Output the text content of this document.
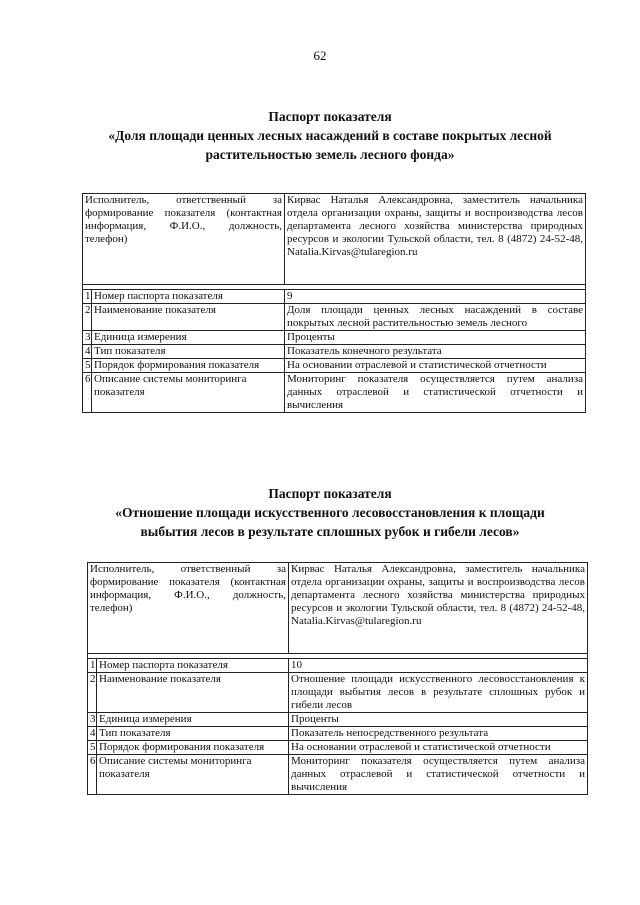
62
Паспорт показателя
«Доля площади ценных лесных насаждений в составе покрытых лесной
растительностью земель лесного фонда»
Исполнитель, ответственный за формирование показателя (контактная информация, Ф.И.О., должность, телефон)		Кирвас Наталья Александровна, заместитель начальника отдела организации охраны, защиты и воспроизводства лесов департамента лесного хозяйства министерства природных ресурсов и экологии Тульской области, тел. 8 (4872) 24-52-48, Natalia.Kirvas@tularegion.ru

1	Номер паспорта показателя	9
2	Наименование показателя	Доля площади ценных лесных насаждений в составе покрытых лесной растительностью земель лесного
3	Единица измерения	Проценты
4	Тип показателя	Показатель конечного результата
5	Порядок формирования показателя	На основании отраслевой и статистической отчетности
6	Описание системы мониторинга показателя	Мониторинг показателя осуществляется путем анализа данных отраслевой и статистической отчетности и вычисления
Паспорт показателя
«Отношение площади искусственного лесовосстановления к площади
выбытия лесов в результате сплошных рубок и гибели лесов»
Исполнитель, ответственный за формирование показателя (контактная информация, Ф.И.О., должность, телефон)		Кирвас Наталья Александровна, заместитель начальника отдела организации охраны, защиты и воспроизводства лесов департамента лесного хозяйства министерства природных ресурсов и экологии Тульской области, тел. 8 (4872) 24-52-48, Natalia.Kirvas@tularegion.ru

1	Номер паспорта показателя	10
2	Наименование показателя	Отношение площади искусственного лесовосстановления к площади выбытия лесов в результате сплошных рубок и гибели лесов
3	Единица измерения	Проценты
4	Тип показателя	Показатель непосредственного результата
5	Порядок формирования показателя	На основании отраслевой и статистической отчетности
6	Описание системы мониторинга показателя	Мониторинг показателя осуществляется путем анализа данных отраслевой и статистической отчетности и вычисления
